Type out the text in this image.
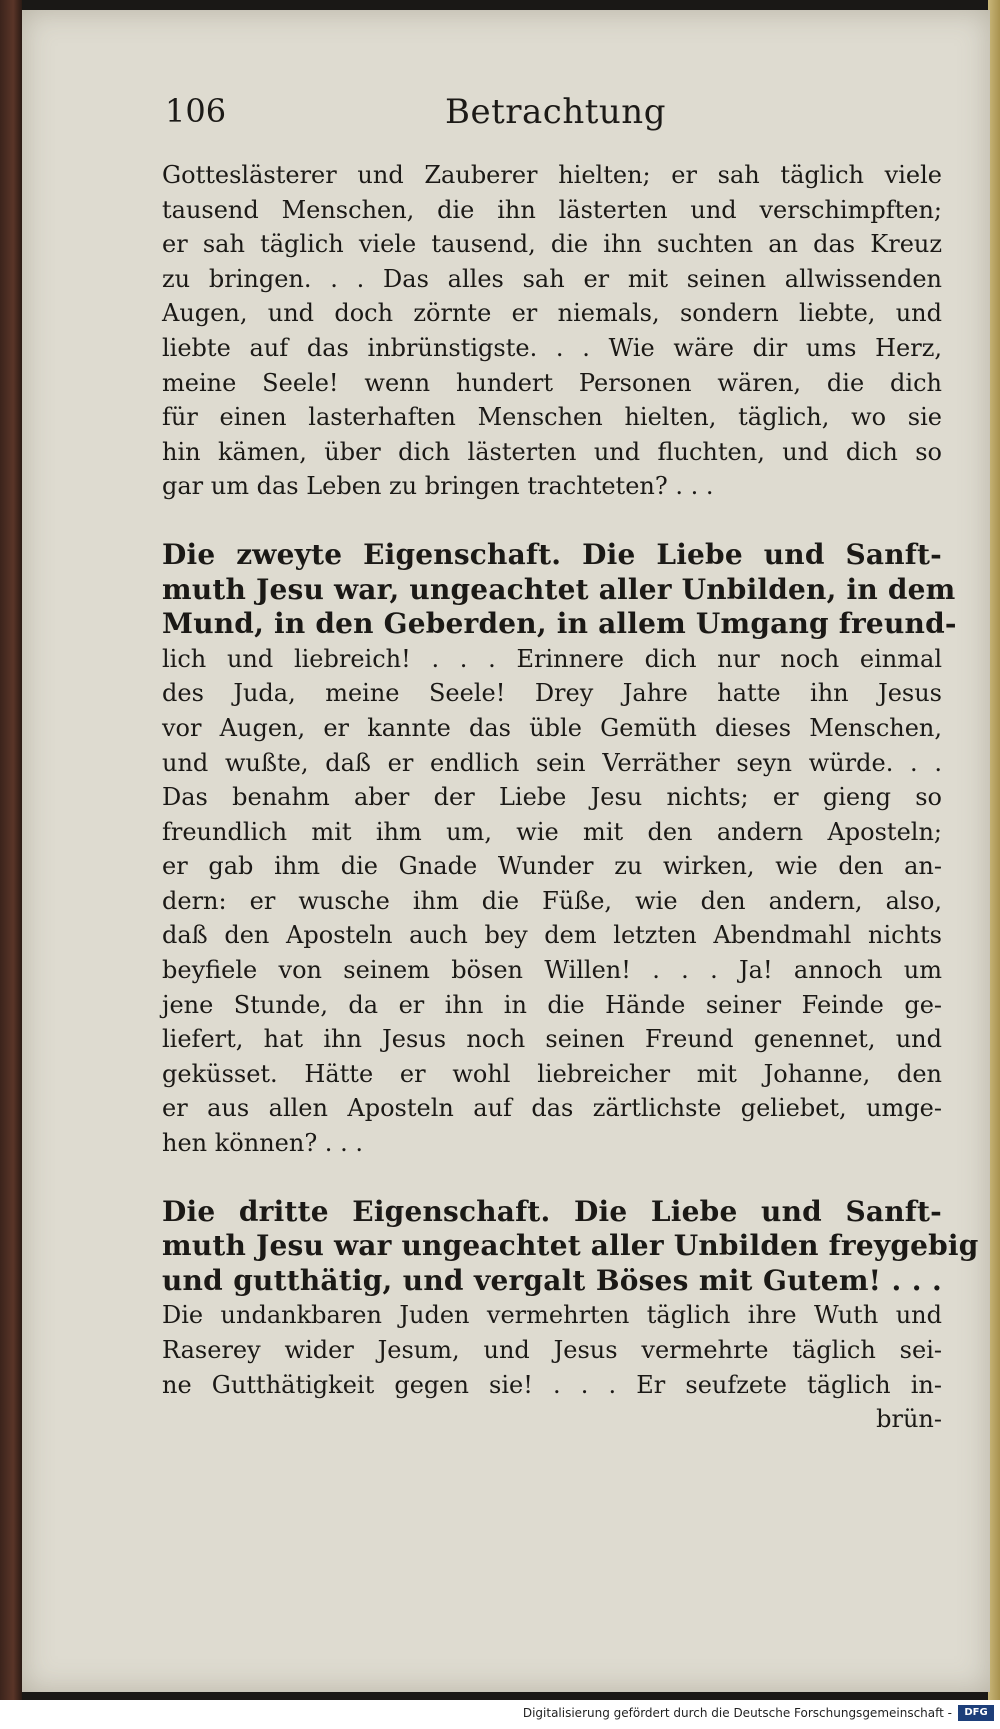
106	Betrachtung
Gotteslästerer und Zauberer hielten; er sah täglich viele
tausend Menschen, die ihn lästerten und verschimpften;
er sah täglich viele tausend, die ihn suchten an das Kreuz
zu bringen. . . Das alles sah er mit seinen allwissenden
Augen, und doch zörnte er niemals, sondern liebte, und
liebte auf das inbrünstigste. . . Wie wäre dir ums Herz,
meine Seele! wenn hundert Personen wären, die dich
für einen lasterhaften Menschen hielten, täglich, wo sie
hin kämen, über dich lästerten und fluchten, und dich so
gar um das Leben zu bringen trachteten? . . .
Die zweyte Eigenschaft. Die Liebe und Sanft-
muth Jesu war, ungeachtet aller Unbilden, in dem
Mund, in den Geberden, in allem Umgang freund-
lich und liebreich! . . . Erinnere dich nur noch einmal
des Juda, meine Seele! Drey Jahre hatte ihn Jesus
vor Augen, er kannte das üble Gemüth dieses Menschen,
und wußte, daß er endlich sein Verräther seyn würde. . .
Das benahm aber der Liebe Jesu nichts; er gieng so
freundlich mit ihm um, wie mit den andern Aposteln;
er gab ihm die Gnade Wunder zu wirken, wie den an-
dern: er wusche ihm die Füße, wie den andern, also,
daß den Aposteln auch bey dem letzten Abendmahl nichts
beyfiele von seinem bösen Willen! . . . Ja! annoch um
jene Stunde, da er ihn in die Hände seiner Feinde ge-
liefert, hat ihn Jesus noch seinen Freund genennet, und
geküsset. Hätte er wohl liebreicher mit Johanne, den
er aus allen Aposteln auf das zärtlichste geliebet, umge-
hen können? . . .
Die dritte Eigenschaft. Die Liebe und Sanft-
muth Jesu war ungeachtet aller Unbilden freygebig
und gutthätig, und vergalt Böses mit Gutem! . . .
Die undankbaren Juden vermehrten täglich ihre Wuth und
Raserey wider Jesum, und Jesus vermehrte täglich sei-
ne Gutthätigkeit gegen sie! . . . Er seufzete täglich in-
brün-
Digitalisierung gefördert durch die Deutsche Forschungsgemeinschaft -	DFG
